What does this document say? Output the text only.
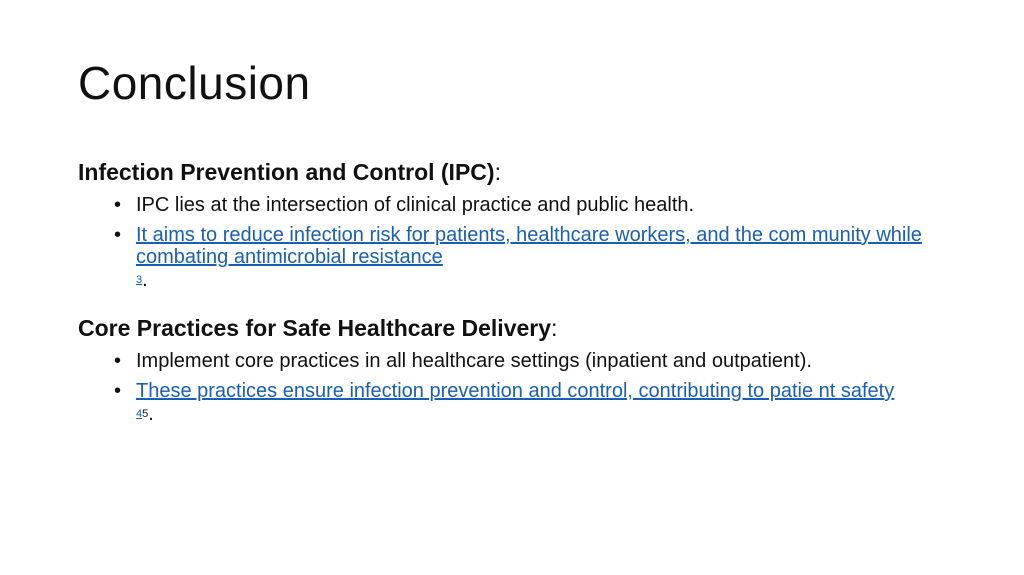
Conclusion
Infection Prevention and Control (IPC):
• IPC lies at the intersection of clinical practice and public health.
• It aims to reduce infection risk for patients, healthcare workers, and the com munity while combating antimicrobial resistance
$^3$.
Core Practices for Safe Healthcare Delivery:
• Implement core practices in all healthcare settings (inpatient and outpatient).
• These practices ensure infection prevention and control, contributing to patie nt safety
$^{45}$.
